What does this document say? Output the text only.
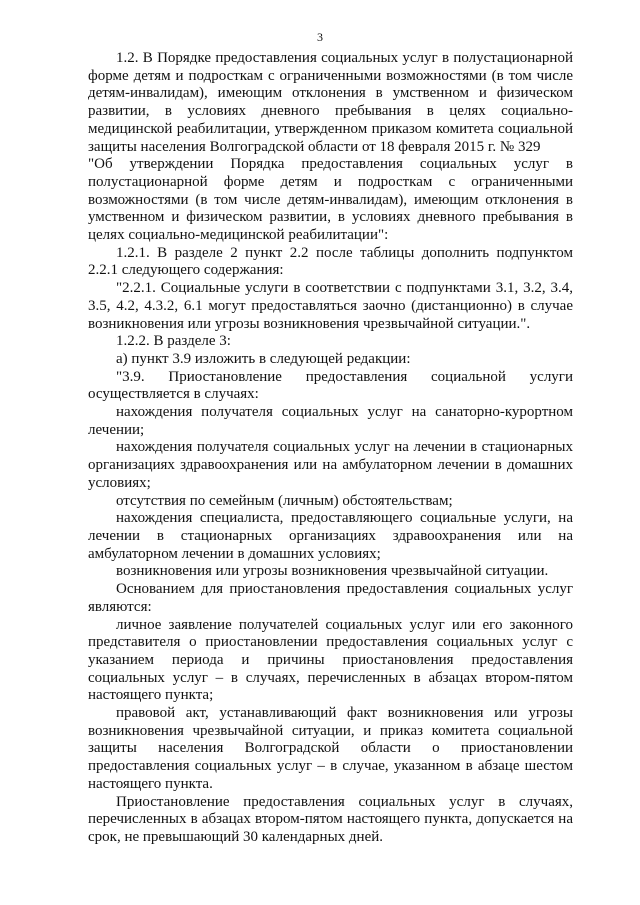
3

1.2. В Порядке предоставления социальных услуг в полустационарной форме детям и подросткам с ограниченными возможностями (в том числе детям-инвалидам), имеющим отклонения в умственном и физическом развитии, в условиях дневного пребывания в целях социально-медицинской реабилитации, утвержденном приказом комитета социальной защиты населения Волгоградской области от 18 февраля 2015 г. № 329

"Об утверждении Порядка предоставления социальных услуг в полустационарной форме детям и подросткам с ограниченными возможностями (в том числе детям-инвалидам), имеющим отклонения в умственном и физическом развитии, в условиях дневного пребывания в целях социально-медицинской реабилитации":

1.2.1. В разделе 2 пункт 2.2 после таблицы дополнить подпунктом 2.2.1 следующего содержания:

"2.2.1. Социальные услуги в соответствии с подпунктами 3.1, 3.2, 3.4, 3.5, 4.2, 4.3.2, 6.1 могут предоставляться заочно (дистанционно) в случае возникновения или угрозы возникновения чрезвычайной ситуации.".

1.2.2. В разделе 3:

а) пункт 3.9 изложить в следующей редакции:

"3.9. Приостановление предоставления социальной услуги осуществляется в случаях:

нахождения получателя социальных услуг на санаторно-курортном лечении;

нахождения получателя социальных услуг на лечении в стационарных организациях здравоохранения или на амбулаторном лечении в домашних условиях;

отсутствия по семейным (личным) обстоятельствам;

нахождения специалиста, предоставляющего социальные услуги, на лечении в стационарных организациях здравоохранения или на амбулаторном лечении в домашних условиях;

возникновения или угрозы возникновения чрезвычайной ситуации.

Основанием для приостановления предоставления социальных услуг являются:

личное заявление получателей социальных услуг или его законного представителя о приостановлении предоставления социальных услуг с указанием периода и причины приостановления предоставления социальных услуг – в случаях, перечисленных в абзацах втором-пятом настоящего пункта;

правовой акт, устанавливающий факт возникновения или угрозы возникновения чрезвычайной ситуации, и приказ комитета социальной защиты населения Волгоградской области о приостановлении предоставления социальных услуг – в случае, указанном в абзаце шестом настоящего пункта.

Приостановление предоставления социальных услуг в случаях, перечисленных в абзацах втором-пятом настоящего пункта, допускается на срок, не превышающий 30 календарных дней.
